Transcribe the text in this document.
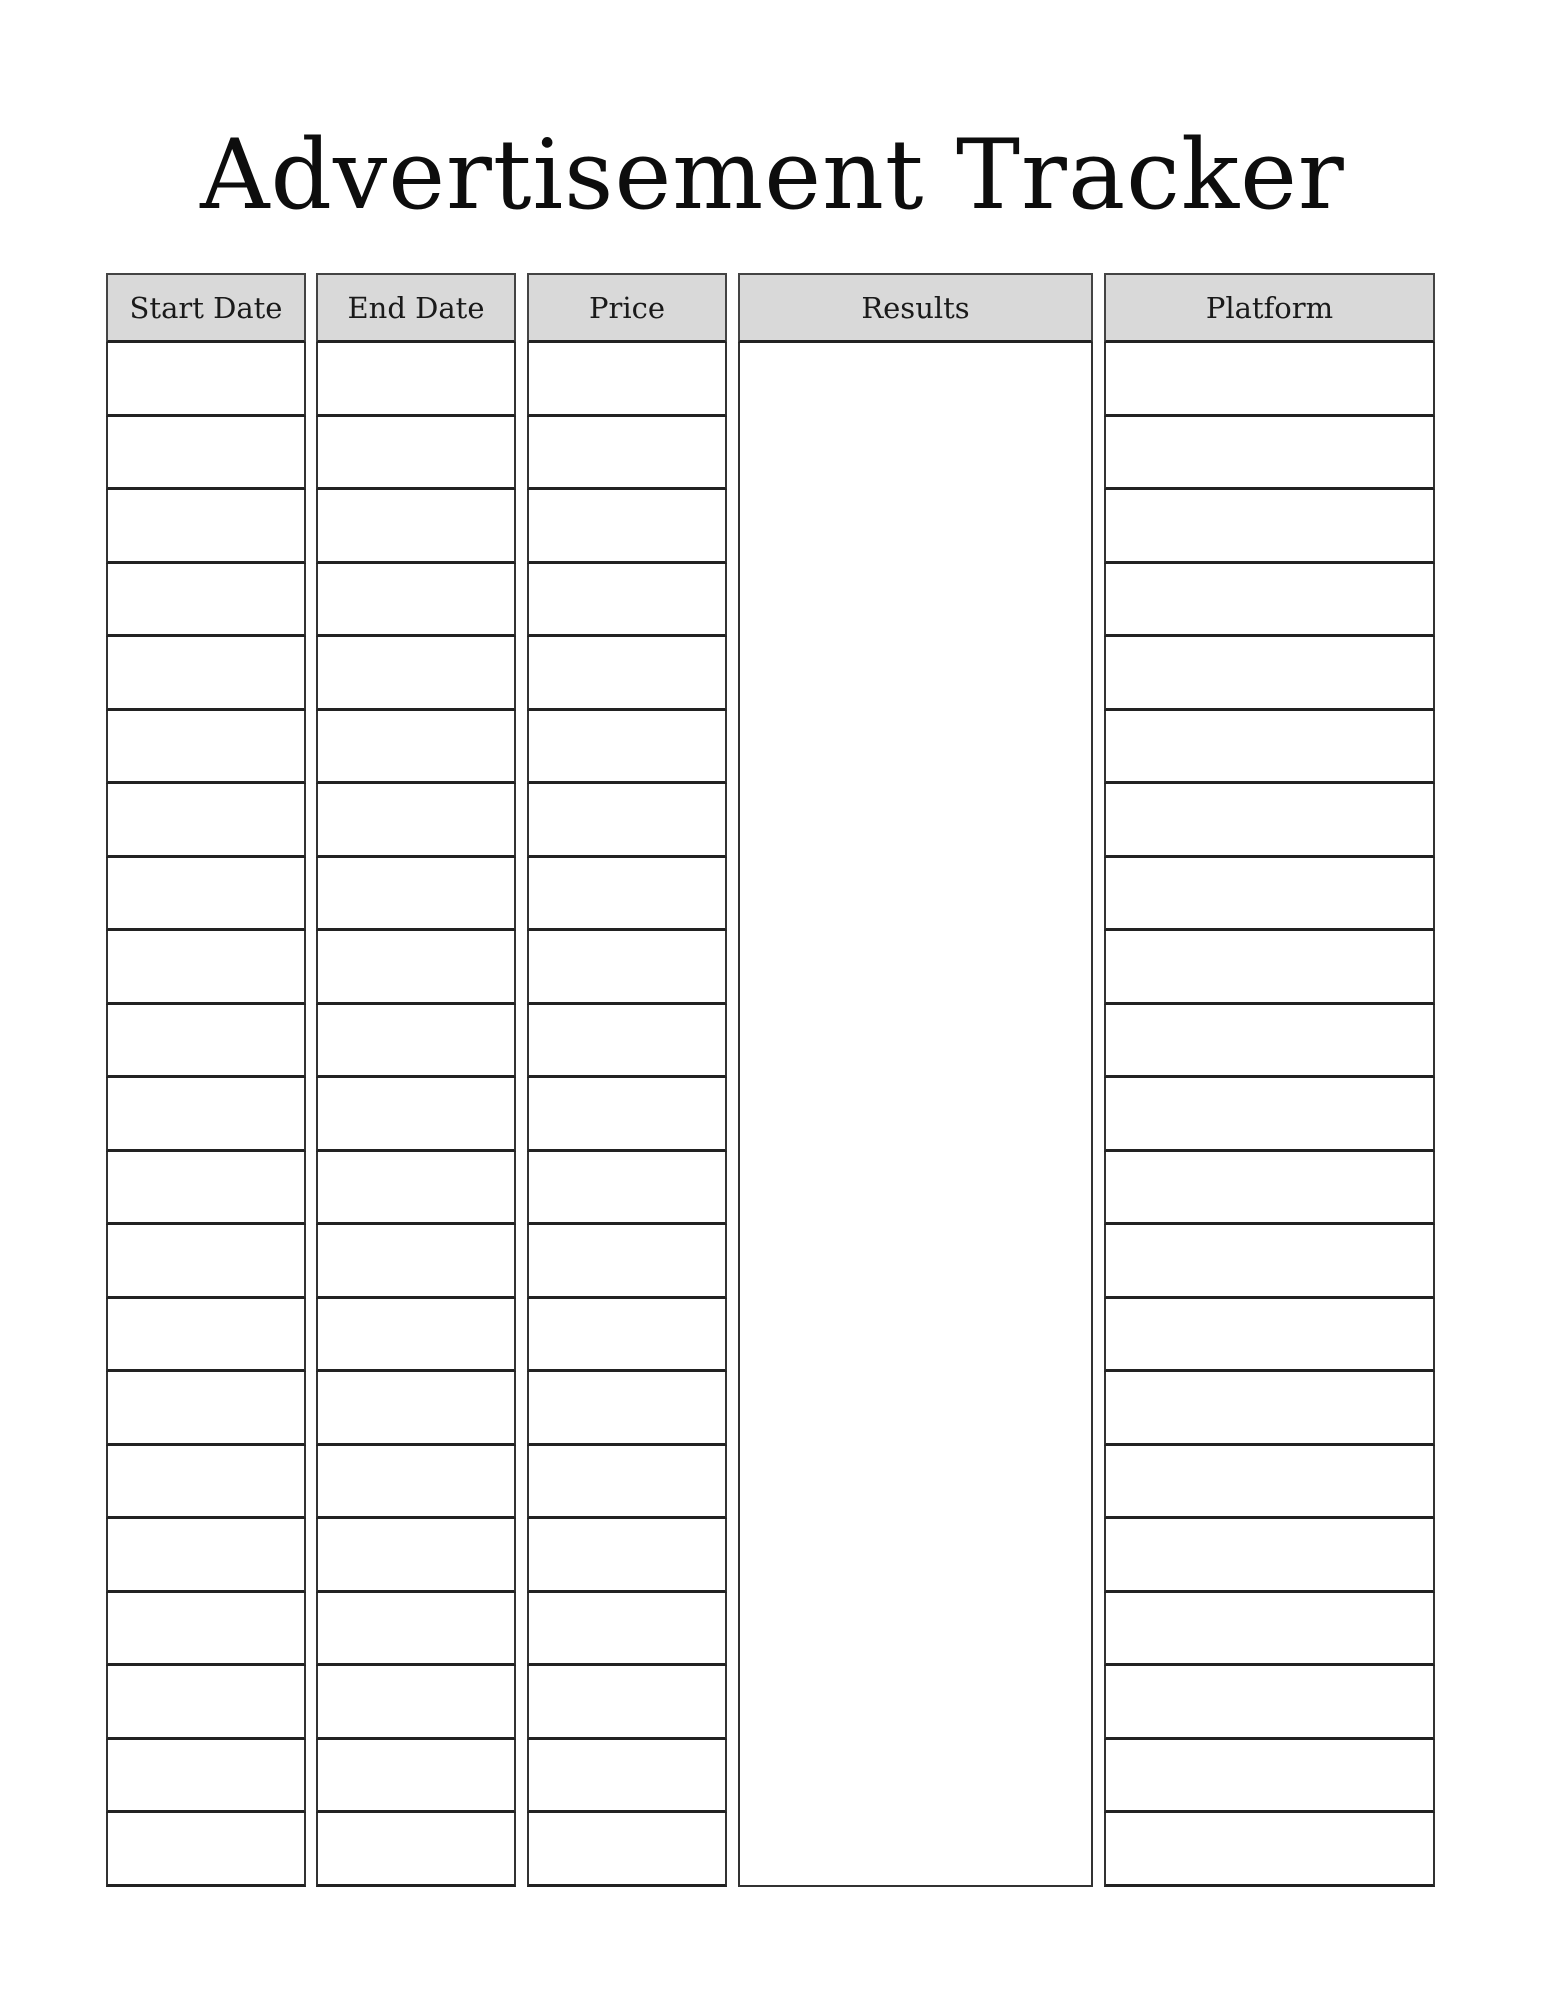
Advertisement Tracker
Start Date	End Date	Price	Results	Platform
